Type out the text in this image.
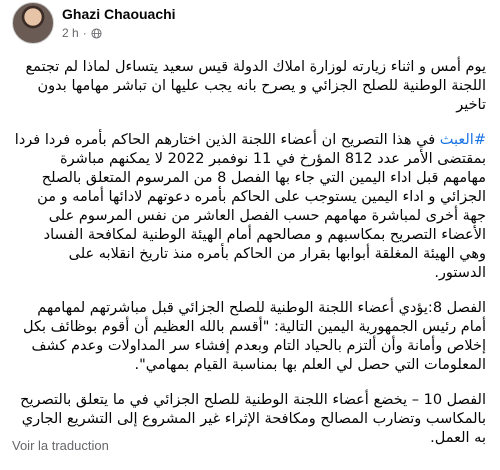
Ghazi Chaouachi
2 h ·

يوم أمس و اثناء زيارته لوزارة املاك الدولة قيس سعيد يتساءل لماذا لم تجتمع اللجنة الوطنية للصلح الجزائي و يصرح بانه يجب عليها ان تباشر مهامها بدون تاخير

#العبث في هذا التصريح ان أعضاء اللجنة الذين اختارهم الحاكم بأمره فردا فردا بمقتضى الأمر عدد 812 المؤرخ في 11 نوفمبر 2022 لا يمكنهم مباشرة مهامهم قبل اداء اليمين التي جاء بها الفصل 8 من المرسوم المتعلق بالصلح الجزائي و اداء اليمين يستوجب على الحاكم بأمره دعوتهم لادائها أمامه و من جهة أخرى لمباشرة مهامهم حسب الفصل العاشر من نفس المرسوم على الأعضاء التصريح بمكاسبهم و مصالحهم أمام الهيئة الوطنية لمكافحة الفساد وهي الهيئة المغلقة أبوابها بقرار من الحاكم بأمره منذ تاريخ انقلابه على الدستور.

الفصل 8:يؤدي أعضاء اللجنة الوطنية للصلح الجزائي قبل مباشرتهم لمهامهم أمام رئيس الجمهورية اليمين التالية: "أقسم بالله العظيم أن أقوم بوظائف بكل إخلاص وأمانة وأن ألتزم بالحياد التام وبعدم إفشاء سر المداولات وعدم كشف المعلومات التي حصل لي العلم بها بمناسبة القيام بمهامي".

الفصل 10 – يخضع أعضاء اللجنة الوطنية للصلح الجزائي في ما يتعلق بالتصريح بالمكاسب وتضارب المصالح ومكافحة الإثراء غير المشروع إلى التشريع الجاري به العمل.

Voir la traduction
